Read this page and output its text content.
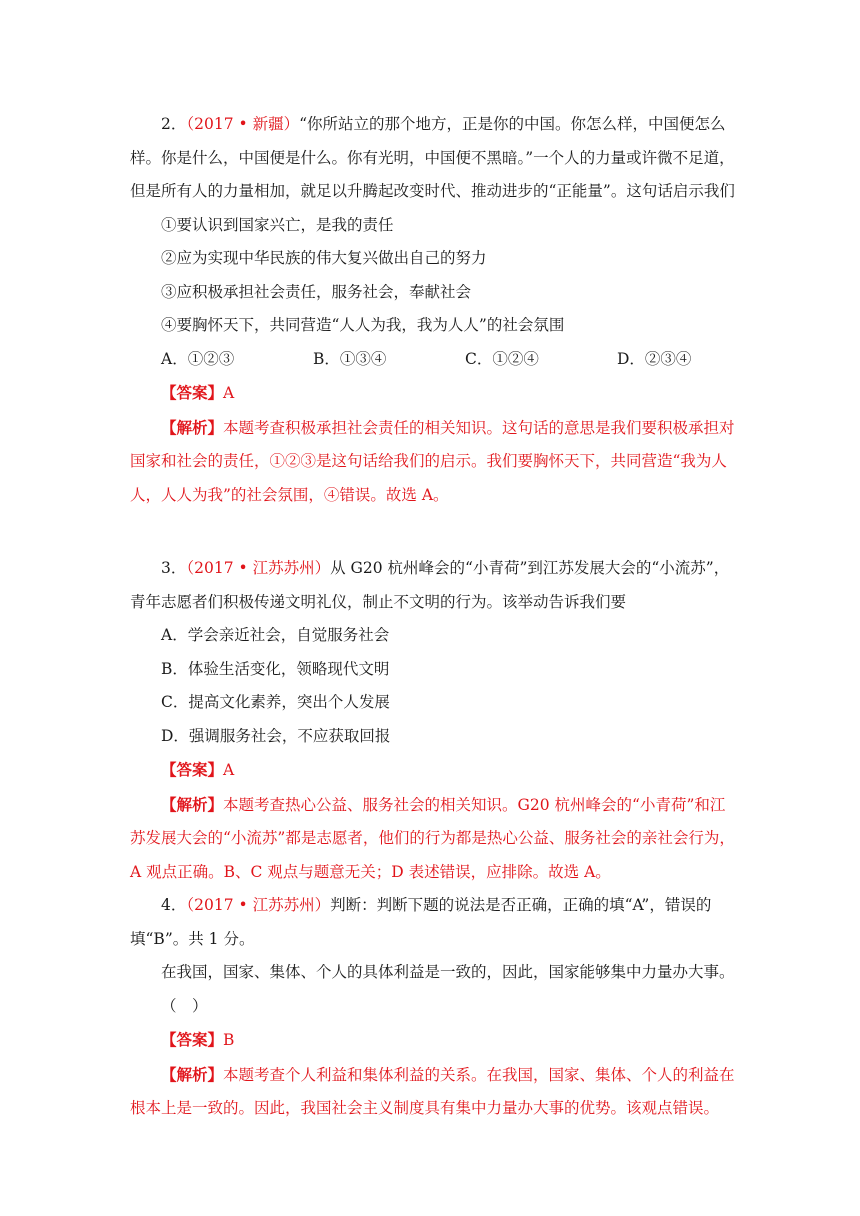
2．（2017 • 新疆）“你所站立的那个地方，正是你的中国。你怎么样，中国便怎么样。你是什么，中国便是什么。你有光明，中国便不黑暗。”一个人的力量或许微不足道，但是所有人的力量相加，就足以升腾起改变时代、推动进步的“正能量”。这句话启示我们

①要认识到国家兴亡，是我的责任

②应为实现中华民族的伟大复兴做出自己的努力

③应积极承担社会责任，服务社会，奉献社会

④要胸怀天下，共同营造“人人为我，我为人人”的社会氛围

A．①②③	B．①③④	C．①②④	D．②③④

【答案】A

【解析】本题考查积极承担社会责任的相关知识。这句话的意思是我们要积极承担对国家和社会的责任，①②③是这句话给我们的启示。我们要胸怀天下，共同营造“我为人人，人人为我”的社会氛围，④错误。故选 A。

3．（2017 • 江苏苏州）从 G20 杭州峰会的“小青荷”到江苏发展大会的“小流苏”，青年志愿者们积极传递文明礼仪，制止不文明的行为。该举动告诉我们要

A．学会亲近社会，自觉服务社会

B．体验生活变化，领略现代文明

C．提高文化素养，突出个人发展

D．强调服务社会，不应获取回报

【答案】A

【解析】本题考查热心公益、服务社会的相关知识。G20 杭州峰会的“小青荷”和江苏发展大会的“小流苏”都是志愿者，他们的行为都是热心公益、服务社会的亲社会行为，A 观点正确。B、C 观点与题意无关；D 表述错误，应排除。故选 A。

4．（2017 • 江苏苏州）判断：判断下题的说法是否正确，正确的填“A”，错误的填“B”。共 1 分。

在我国，国家、集体、个人的具体利益是一致的，因此，国家能够集中力量办大事。（　）

【答案】B

【解析】本题考查个人利益和集体利益的关系。在我国，国家、集体、个人的利益在根本上是一致的。因此，我国社会主义制度具有集中力量办大事的优势。该观点错误。
